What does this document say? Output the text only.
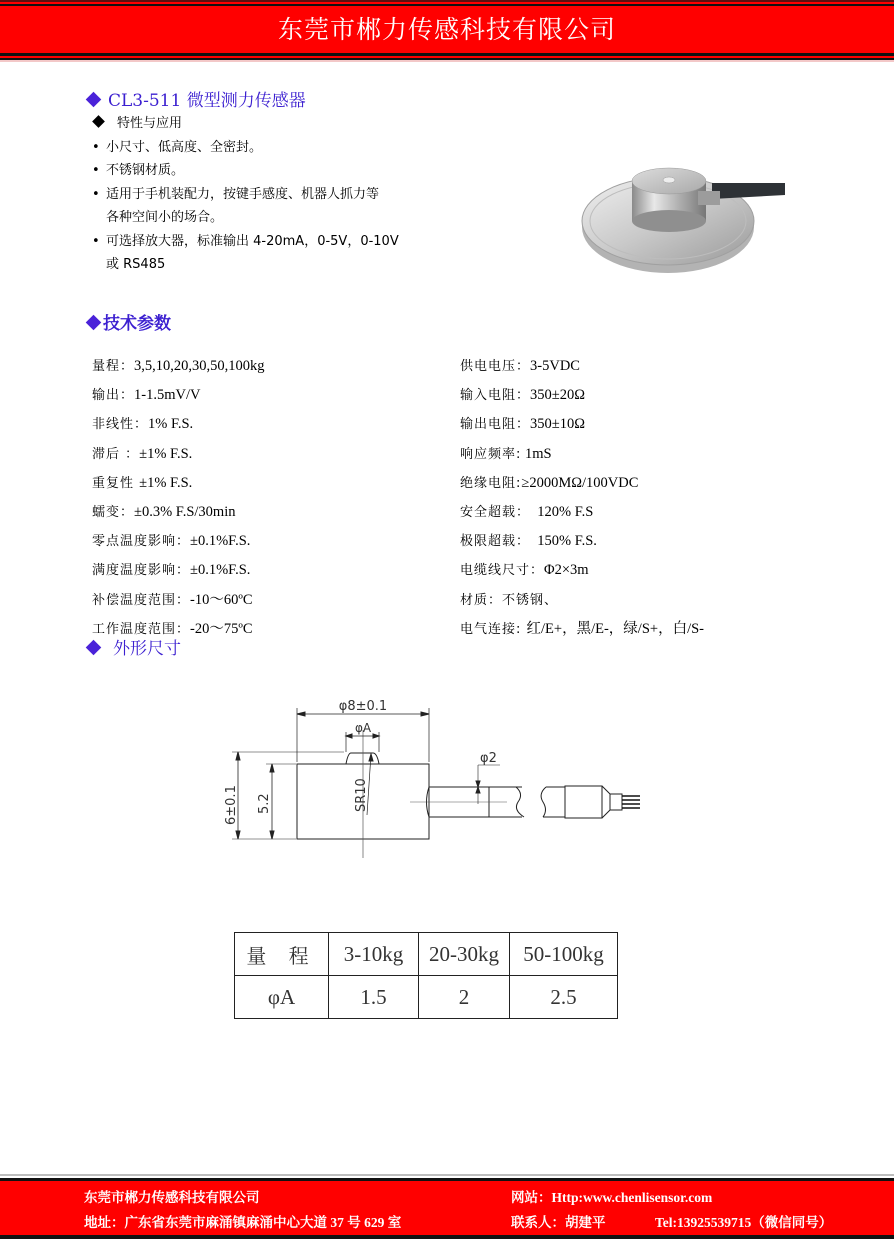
东莞市郴力传感科技有限公司
CL3-511 微型测力传感器
特性与应用
• 小尺寸、低高度、全密封。
• 不锈钢材质。
• 适用于手机装配力，按键手感度、机器人抓力等
各种空间小的场合。
• 可选择放大器，标准输出 4-20mA，0-5V，0-10V
或 RS485
技术参数
量程：3,5,10,20,30,50,100kg
输出：1-1.5mV/V
非线性：1% F.S.
滞后 ：±1% F.S.
重复性 ±1% F.S.
蠕变：±0.3% F.S/30min
零点温度影响：±0.1%F.S.
满度温度影响：±0.1%F.S.
补偿温度范围：-10～60ºC
工作温度范围：-20～75ºC
供电电压：3-5VDC
输入电阻：350±20Ω
输出电阻：350±10Ω
响应频率: 1mS
绝缘电阻:≥2000MΩ/100VDC
安全超载：  120% F.S
极限超载：  150% F.S.
电缆线尺寸：Φ2×3m
材质：不锈钢、
电气连接: 红/E+，黑/E-，绿/S+，白/S-
外形尺寸
φ8±0.1
φA
SR10
6±0.1 5.2
φ2
量 程	3-10kg	20-30kg	50-100kg
φA	1.5	2	2.5
东莞市郴力传感科技有限公司
地址：广东省东莞市麻涌镇麻涌中心大道 37 号 629 室
网站：Http:www.chenlisensor.com
联系人：胡建平	Tel:13925539715（微信同号）
